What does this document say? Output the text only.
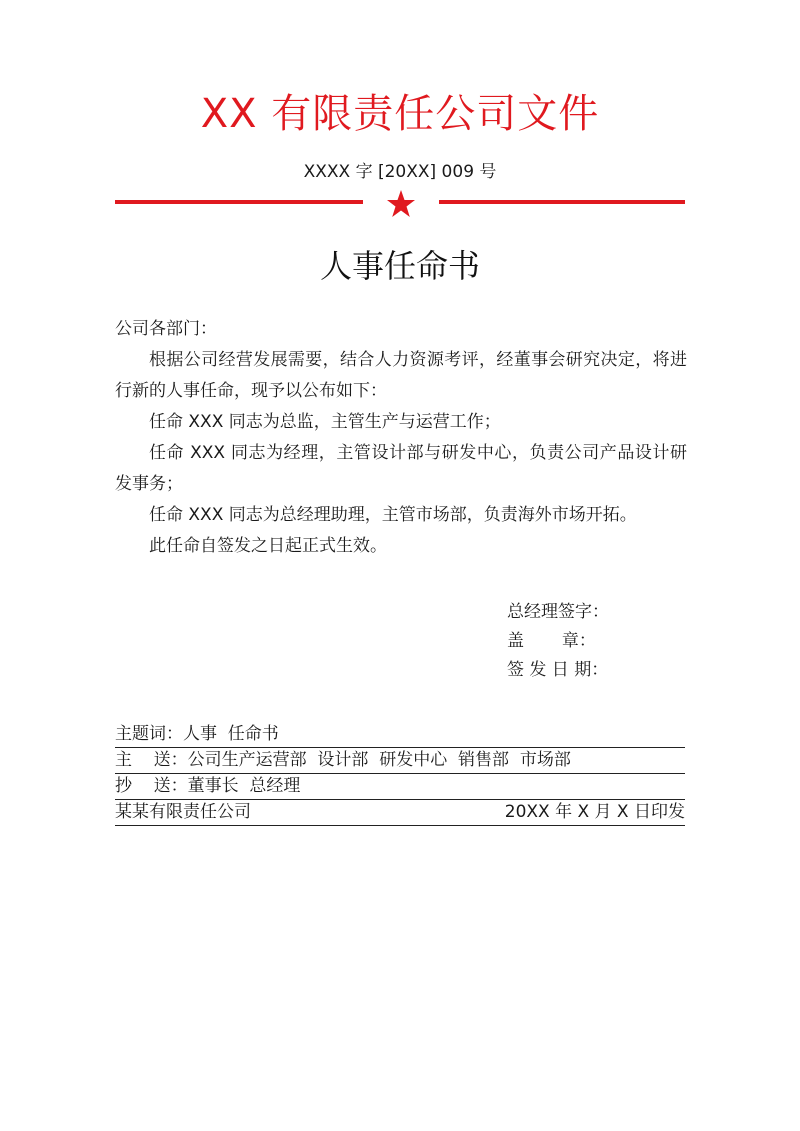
XX 有限责任公司文件
XXXX 字 [20XX] 009 号
人事任命书

公司各部门：

根据公司经营发展需要，结合人力资源考评，经董事会研究决定，将进行新的人事任命，现予以公布如下：

任命 XXX 同志为总监，主管生产与运营工作；

任命 XXX 同志为经理，主管设计部与研发中心，负责公司产品设计研发事务；

任命 XXX 同志为总经理助理，主管市场部，负责海外市场开拓。

此任命自签发之日起正式生效。

总经理签字：
盖       章：
签 发 日 期：
主题词：人事  任命书
主    送：公司生产运营部  设计部  研发中心  销售部  市场部
抄    送：董事长  总经理
某某有限责任公司	20XX 年 X 月 X 日印发
